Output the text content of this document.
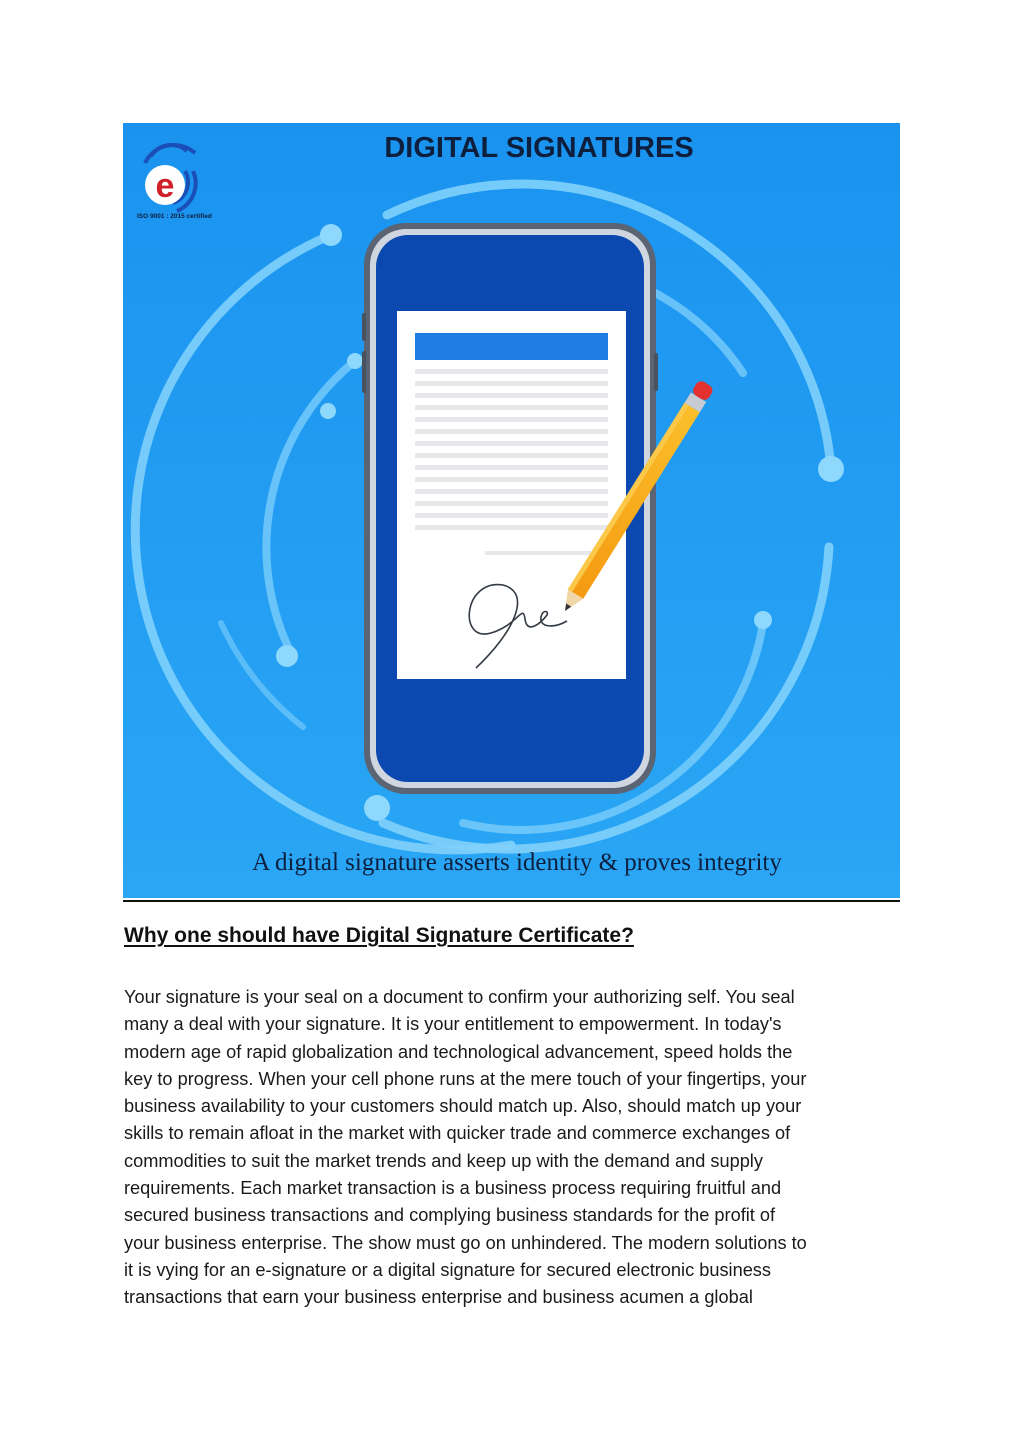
e
ISO 9001 : 2015 certified
DIGITAL SIGNATURES
A digital signature asserts identity & proves integrity
Why one should have Digital Signature Certificate?
Your signature is your seal on a document to confirm your authorizing self. You seal
many a deal with your signature. It is your entitlement to empowerment. In today's
modern age of rapid globalization and technological advancement, speed holds the
key to progress. When your cell phone runs at the mere touch of your fingertips, your
business availability to your customers should match up. Also, should match up your
skills to remain afloat in the market with quicker trade and commerce exchanges of
commodities to suit the market trends and keep up with the demand and supply
requirements. Each market transaction is a business process requiring fruitful and
secured business transactions and complying business standards for the profit of
your business enterprise. The show must go on unhindered. The modern solutions to
it is vying for an e-signature or a digital signature for secured electronic business
transactions that earn your business enterprise and business acumen a global
